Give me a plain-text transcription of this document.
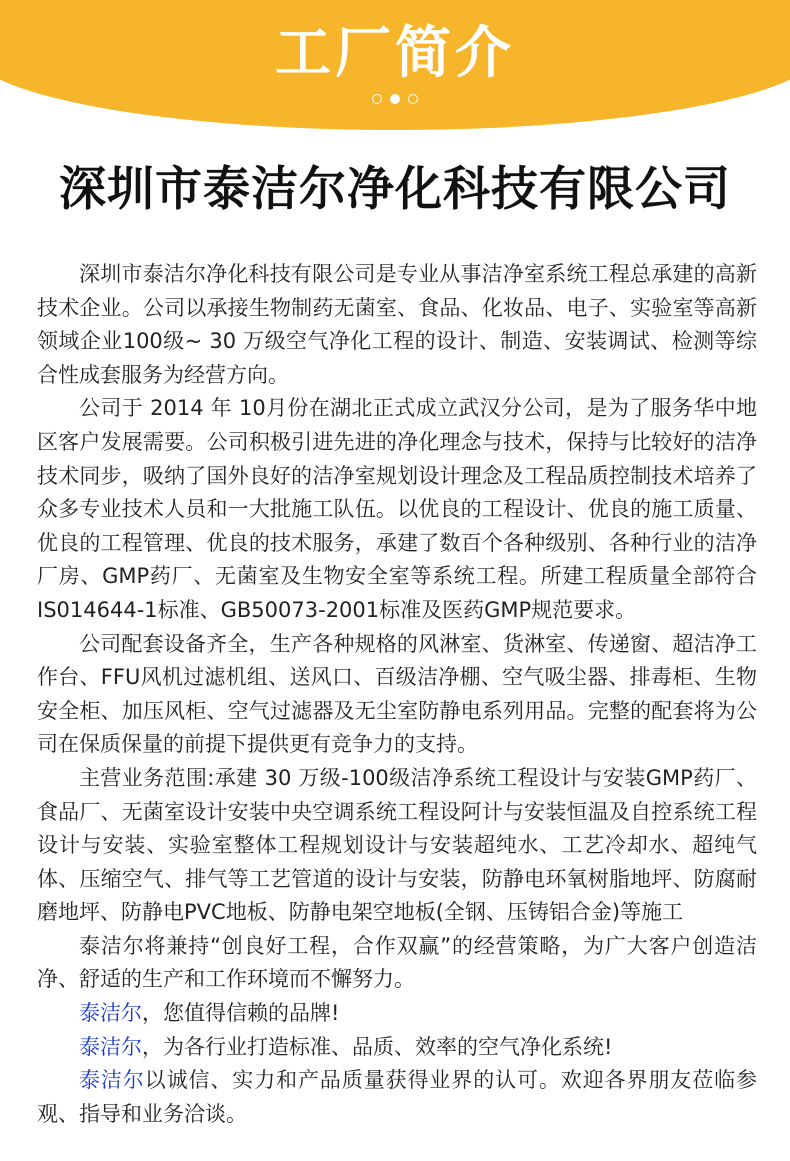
工厂简介
深圳市泰洁尔净化科技有限公司

深圳市泰洁尔净化科技有限公司是专业从事洁净室系统工程总承建的高新技术企业。公司以承接生物制药无菌室、食品、化妆品、电子、实验室等高新领域企业100级~ 30 万级空气净化工程的设计、制造、安装调试、检测等综合性成套服务为经营方向。

公司于 2014 年 10月份在湖北正式成立武汉分公司，是为了服务华中地区客户发展需要。公司积极引进先进的净化理念与技术，保持与比较好的洁净技术同步，吸纳了国外良好的洁净室规划设计理念及工程品质控制技术培养了众多专业技术人员和一大批施工队伍。以优良的工程设计、优良的施工质量、优良的工程管理、优良的技术服务，承建了数百个各种级别、各种行业的洁净厂房、GMP药厂、无菌室及生物安全室等系统工程。所建工程质量全部符合IS014644-1标准、GB50073-2001标准及医药GMP规范要求。

公司配套设备齐全，生产各种规格的风淋室、货淋室、传递窗、超洁净工作台、FFU风机过滤机组、送风口、百级洁净棚、空气吸尘器、排毒柜、生物安全柜、加压风柜、空气过滤器及无尘室防静电系列用品。完整的配套将为公司在保质保量的前提下提供更有竞争力的支持。

主营业务范围:承建 30 万级-100级洁净系统工程设计与安装GMP药厂、食品厂、无菌室设计安装中央空调系统工程设阿计与安装恒温及自控系统工程设计与安装、实验室整体工程规划设计与安装超纯水、工艺冷却水、超纯气体、压缩空气、排气等工艺管道的设计与安装，防静电环氧树脂地坪、防腐耐磨地坪、防静电PVC地板、防静电架空地板(全钢、压铸铝合金)等施工

泰洁尔将兼持“创良好工程，合作双赢”的经营策略，为广大客户创造洁净、舒适的生产和工作环境而不懈努力。

泰洁尔，您值得信赖的品牌!

泰洁尔，为各行业打造标准、品质、效率的空气净化系统!

泰洁尔以诚信、实力和产品质量获得业界的认可。欢迎各界朋友莅临参观、指导和业务洽谈。
